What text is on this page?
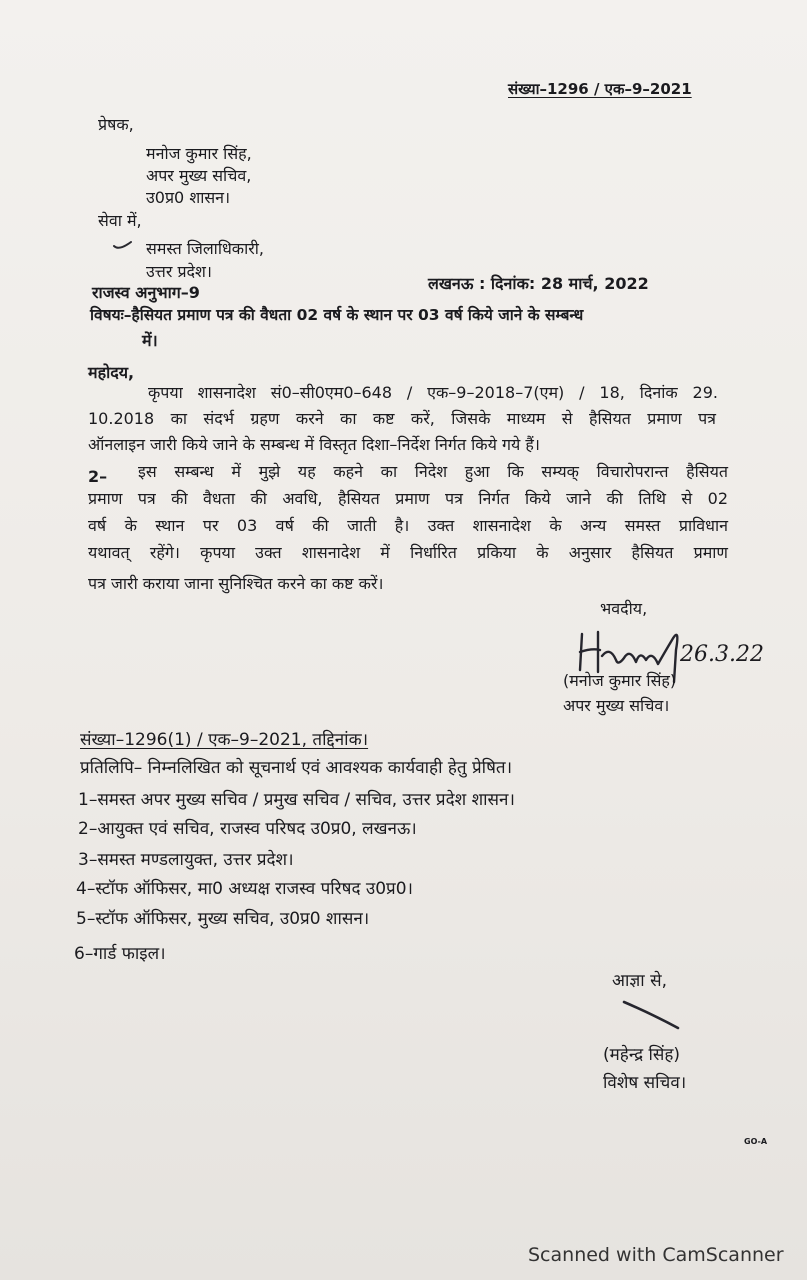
संख्या–1296 / एक–9–2021
प्रेषक,
मनोज कुमार सिंह,
अपर मुख्य सचिव,
उ0प्र0 शासन।
सेवा में,
समस्त जिलाधिकारी,
उत्तर प्रदेश।
राजस्व अनुभाग–9	लखनऊ : दिनांक: 28 मार्च, 2022
विषयः–हैसियत प्रमाण पत्र की वैधता 02 वर्ष के स्थान पर 03 वर्ष किये जाने के सम्बन्ध
में।
महोदय,
कृपया शासनादेश सं0–सी0एम0–648 / एक–9–2018–7(एम) / 18, दिनांक 29.
10.2018 का संदर्भ ग्रहण करने का कष्ट करें, जिसके माध्यम से हैसियत प्रमाण पत्र
ऑनलाइन जारी किये जाने के सम्बन्ध में विस्तृत दिशा–निर्देश निर्गत किये गये हैं।
2– इस सम्बन्ध में मुझे यह कहने का निदेश हुआ कि सम्यक् विचारोपरान्त हैसियत
प्रमाण पत्र की वैधता की अवधि, हैसियत प्रमाण पत्र निर्गत किये जाने की तिथि से 02
वर्ष के स्थान पर 03 वर्ष की जाती है। उक्त शासनादेश के अन्य समस्त प्राविधान
यथावत् रहेंगे। कृपया उक्त शासनादेश में निर्धारित प्रकिया के अनुसार हैसियत प्रमाण
पत्र जारी कराया जाना सुनिश्चित करने का कष्ट करें।
भवदीय,
26.3.22
(मनोज कुमार सिंह)
अपर मुख्य सचिव।
संख्या–1296(1) / एक–9–2021, तद्दिनांक।
प्रतिलिपि– निम्नलिखित को सूचनार्थ एवं आवश्यक कार्यवाही हेतु प्रेषित।
1–समस्त अपर मुख्य सचिव / प्रमुख सचिव / सचिव, उत्तर प्रदेश शासन।
2–आयुक्त एवं सचिव, राजस्व परिषद उ0प्र0, लखनऊ।
3–समस्त मण्डलायुक्त, उत्तर प्रदेश।
4–स्टॉफ ऑफिसर, मा0 अध्यक्ष राजस्व परिषद उ0प्र0।
5–स्टॉफ ऑफिसर, मुख्य सचिव, उ0प्र0 शासन।
6–गार्ड फाइल।
आज्ञा से,
(महेन्द्र सिंह)
विशेष सचिव।
GO-A
Scanned with CamScanner
